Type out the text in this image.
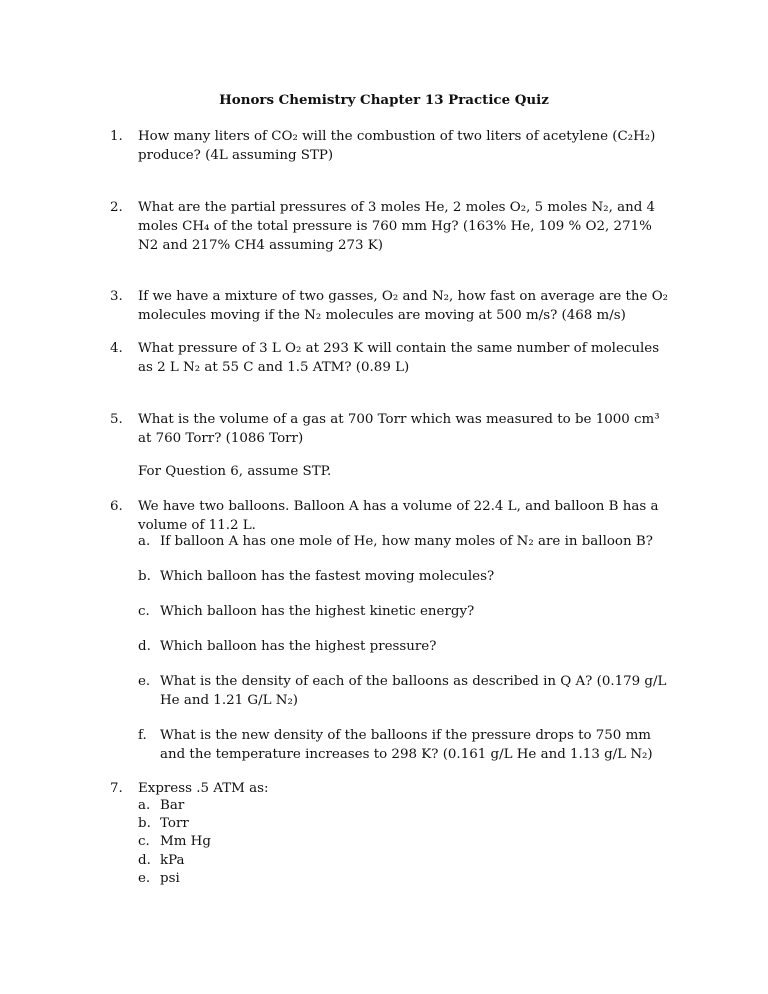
Honors Chemistry Chapter 13 Practice Quiz
1. How many liters of CO₂ will the combustion of two liters of acetylene (C₂H₂) produce? (4L assuming STP)
2. What are the partial pressures of 3 moles He, 2 moles O₂, 5 moles N₂, and 4 moles CH₄ of the total pressure is 760 mm Hg? (163% He, 109 % O2, 271% N2 and 217% CH4 assuming 273 K)
3. If we have a mixture of two gasses, O₂ and N₂, how fast on average are the O₂ molecules moving if the N₂ molecules are moving at 500 m/s? (468 m/s)
4. What pressure of 3 L O₂ at 293 K will contain the same number of molecules as 2 L N₂ at 55 C and 1.5 ATM? (0.89 L)
5. What is the volume of a gas at 700 Torr which was measured to be 1000 cm³ at 760 Torr? (1086 Torr)
For Question 6, assume STP.
6. We have two balloons. Balloon A has a volume of 22.4 L, and balloon B has a volume of 11.2 L.
a. If balloon A has one mole of He, how many moles of N₂ are in balloon B?
b. Which balloon has the fastest moving molecules?
c. Which balloon has the highest kinetic energy?
d. Which balloon has the highest pressure?
e. What is the density of each of the balloons as described in Q A? (0.179 g/L He and 1.21 G/L N₂)
f. What is the new density of the balloons if the pressure drops to 750 mm and the temperature increases to 298 K? (0.161 g/L He and 1.13 g/L N₂)
7. Express .5 ATM as:
a. Bar
b. Torr
c. Mm Hg
d. kPa
e. psi
